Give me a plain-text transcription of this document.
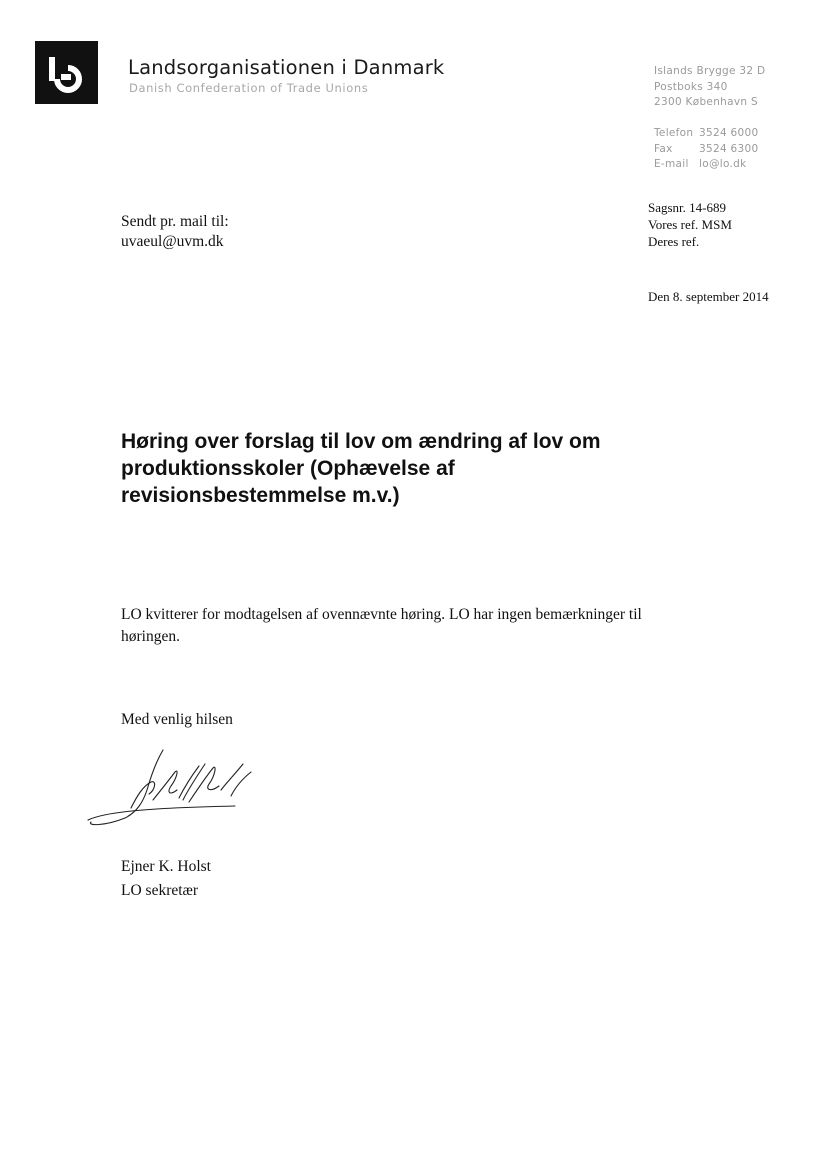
Landsorganisationen i Danmark
Danish Confederation of Trade Unions
Islands Brygge 32 D
Postboks 340
2300 København S
Telefon 3524 6000
Fax	3524 6300
E-mail lo@lo.dk
Sagsnr. 14-689
Vores ref. MSM
Deres ref.
Den 8. september 2014
Sendt pr. mail til:
uvaeul@uvm.dk
Høring over forslag til lov om ændring af lov om produktionsskoler (Ophævelse af revisionsbestemmelse m.v.)
LO kvitterer for modtagelsen af ovennævnte høring. LO har ingen bemærkninger til høringen.
Med venlig hilsen
Ejner K. Holst
LO sekretær
